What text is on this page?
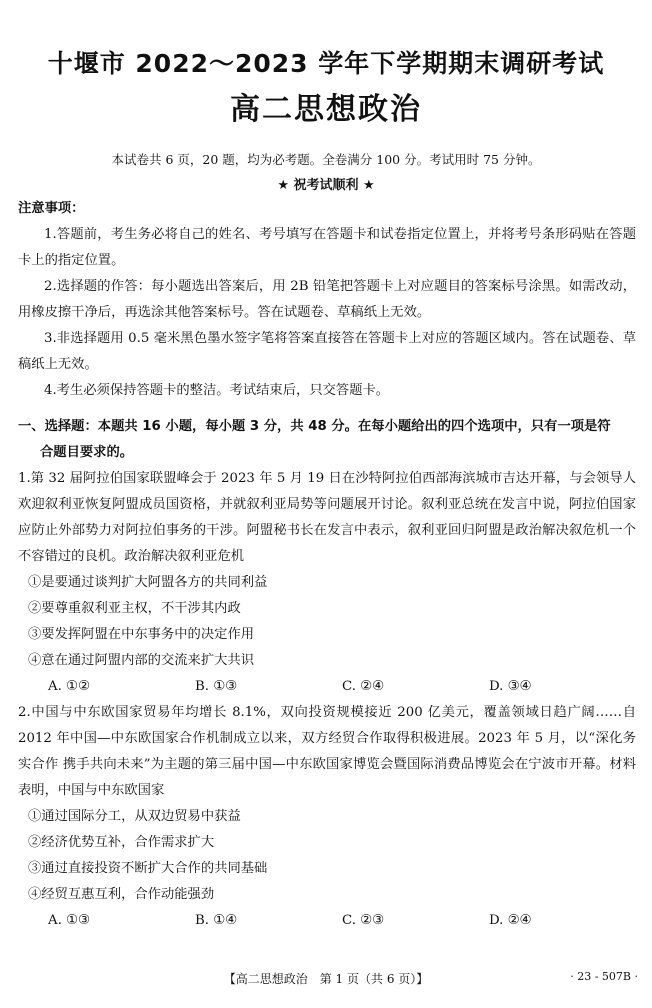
十堰市 2022～2023 学年下学期期末调研考试
高二思想政治
本试卷共 6 页，20 题，均为必考题。全卷满分 100 分。考试用时 75 分钟。
★ 祝考试顺利 ★

注意事项：

1.答题前，考生务必将自己的姓名、考号填写在答题卡和试卷指定位置上，并将考号条形码贴在答题卡上的指定位置。

2.选择题的作答：每小题选出答案后，用 2B 铅笔把答题卡上对应题目的答案标号涂黑。如需改动，用橡皮擦干净后，再选涂其他答案标号。答在试题卷、草稿纸上无效。

3.非选择题用 0.5 毫米黑色墨水签字笔将答案直接答在答题卡上对应的答题区域内。答在试题卷、草稿纸上无效。

4.考生必须保持答题卡的整洁。考试结束后，只交答题卡。

一、选择题：本题共 16 小题，每小题 3 分，共 48 分。在每小题给出的四个选项中，只有一项是符

合题目要求的。

1.第 32 届阿拉伯国家联盟峰会于 2023 年 5 月 19 日在沙特阿拉伯西部海滨城市吉达开幕，与会领导人欢迎叙利亚恢复阿盟成员国资格，并就叙利亚局势等问题展开讨论。叙利亚总统在发言中说，阿拉伯国家应防止外部势力对阿拉伯事务的干涉。阿盟秘书长在发言中表示，叙利亚回归阿盟是政治解决叙危机一个不容错过的良机。政治解决叙利亚危机

①是要通过谈判扩大阿盟各方的共同利益

②要尊重叙利亚主权，不干涉其内政

③要发挥阿盟在中东事务中的决定作用

④意在通过阿盟内部的交流来扩大共识

A. ①②	B. ①③	C. ②④	D. ③④

2.中国与中东欧国家贸易年均增长 8.1%，双向投资规模接近 200 亿美元，覆盖领域日趋广阔……自 2012 年中国—中东欧国家合作机制成立以来，双方经贸合作取得积极进展。2023 年 5 月，以“深化务实合作 携手共向未来”为主题的第三届中国—中东欧国家博览会暨国际消费品博览会在宁波市开幕。材料表明，中国与中东欧国家

①通过国际分工，从双边贸易中获益

②经济优势互补，合作需求扩大

③通过直接投资不断扩大合作的共同基础

④经贸互惠互利，合作动能强劲

A. ①③	B. ①④	C. ②③	D. ②④

【高二思想政治　第 1 页（共 6 页）】	· 23 - 507B ·
